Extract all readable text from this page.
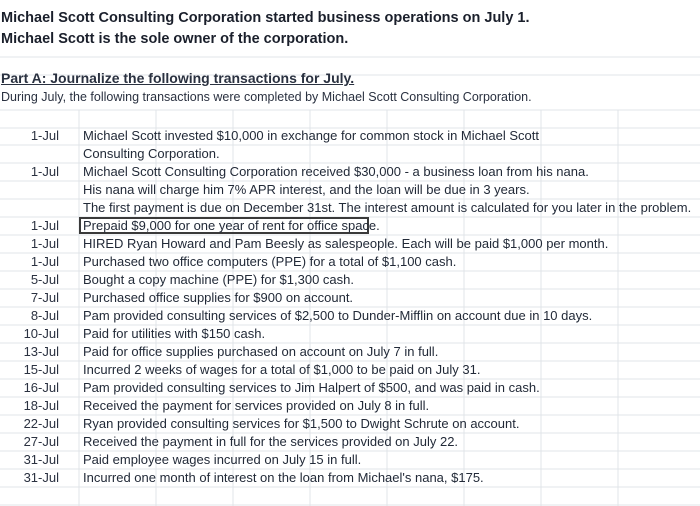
Michael Scott Consulting Corporation started business operations on July 1.
Michael Scott is the sole owner of the corporation.
Part A: Journalize the following transactions for July.
During July, the following transactions were completed by Michael Scott Consulting Corporation.
1-Jul Michael Scott invested $10,000 in exchange for common stock in Michael Scott
Consulting Corporation.
1-Jul Michael Scott Consulting Corporation received $30,000 - a business loan from his nana.
His nana will charge him 7% APR interest, and the loan will be due in 3 years.
The first payment is due on December 31st. The interest amount is calculated for you later in the problem.
1-Jul Prepaid $9,000 for one year of rent for office space.
1-Jul HIRED Ryan Howard and Pam Beesly as salespeople. Each will be paid $1,000 per month.
1-Jul Purchased two office computers (PPE) for a total of $1,100 cash.
5-Jul Bought a copy machine (PPE) for $1,300 cash.
7-Jul Purchased office supplies for $900 on account.
8-Jul Pam provided consulting services of $2,500 to Dunder-Mifflin on account due in 10 days.
10-Jul Paid for utilities with $150 cash.
13-Jul Paid for office supplies purchased on account on July 7 in full.
15-Jul Incurred 2 weeks of wages for a total of $1,000 to be paid on July 31.
16-Jul Pam provided consulting services to Jim Halpert of $500, and was paid in cash.
18-Jul Received the payment for services provided on July 8 in full.
22-Jul Ryan provided consulting services for $1,500 to Dwight Schrute on account.
27-Jul Received the payment in full for the services provided on July 22.
31-Jul Paid employee wages incurred on July 15 in full.
31-Jul Incurred one month of interest on the loan from Michael's nana, $175.
